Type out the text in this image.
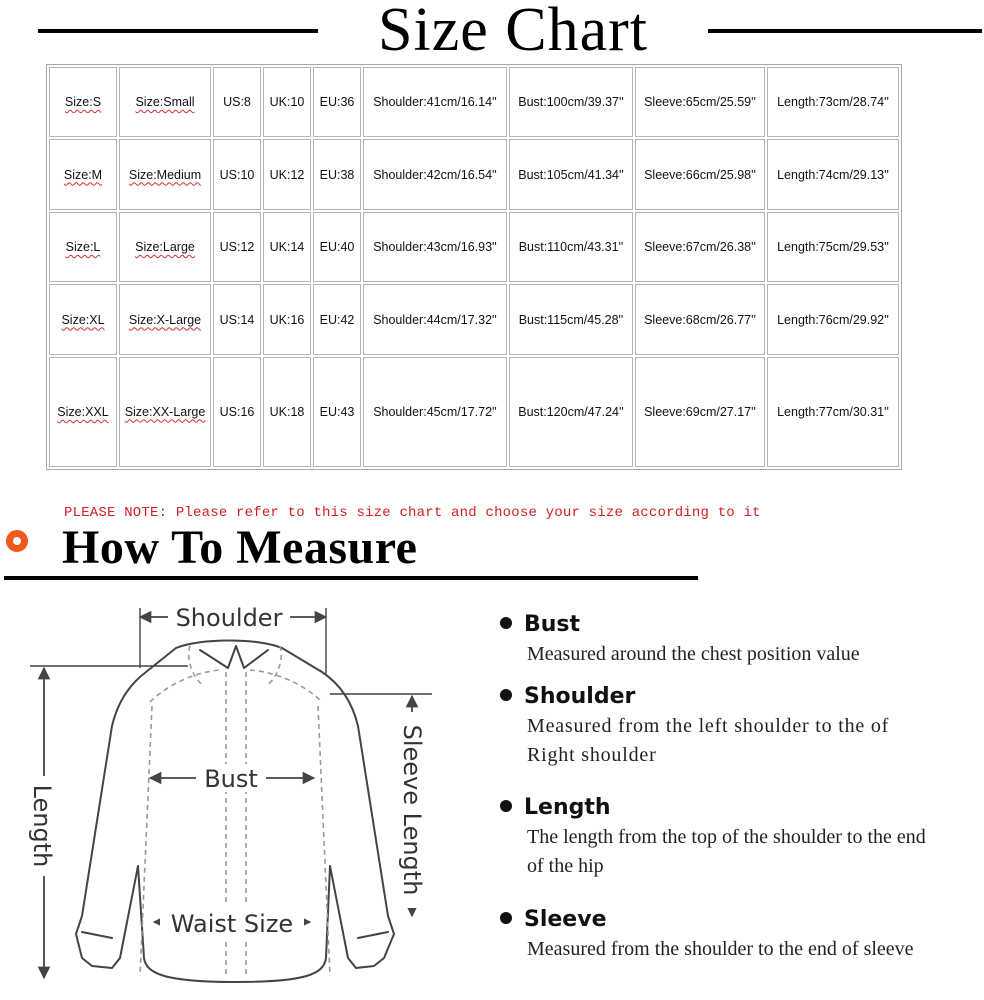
Size Chart
Size:S	Size:Small	US:8	UK:10	EU:36	Shoulder:41cm/16.14''	Bust:100cm/39.37''	Sleeve:65cm/25.59''	Length:73cm/28.74''
Size:M	Size:Medium	US:10	UK:12	EU:38	Shoulder:42cm/16.54''	Bust:105cm/41.34''	Sleeve:66cm/25.98''	Length:74cm/29.13''
Size:L	Size:Large	US:12	UK:14	EU:40	Shoulder:43cm/16.93''	Bust:110cm/43.31''	Sleeve:67cm/26.38''	Length:75cm/29.53''
Size:XL	Size:X-Large	US:14	UK:16	EU:42	Shoulder:44cm/17.32''	Bust:115cm/45.28''	Sleeve:68cm/26.77''	Length:76cm/29.92''
Size:XXL	Size:XX-Large	US:16	UK:18	EU:43	Shoulder:45cm/17.72''	Bust:120cm/47.24''	Sleeve:69cm/27.17''	Length:77cm/30.31''
PLEASE NOTE: Please refer to this size chart and choose your size according to it
How To Measure
Shoulder
Bust
Waist Size
Length	Sleeve Length
Bust
Measured around the chest position value
Shoulder
Measured from the left shoulder to the of Right shoulder
Length
The length from the top of the shoulder to the end of the hip
Sleeve
Measured from the shoulder to the end of sleeve
